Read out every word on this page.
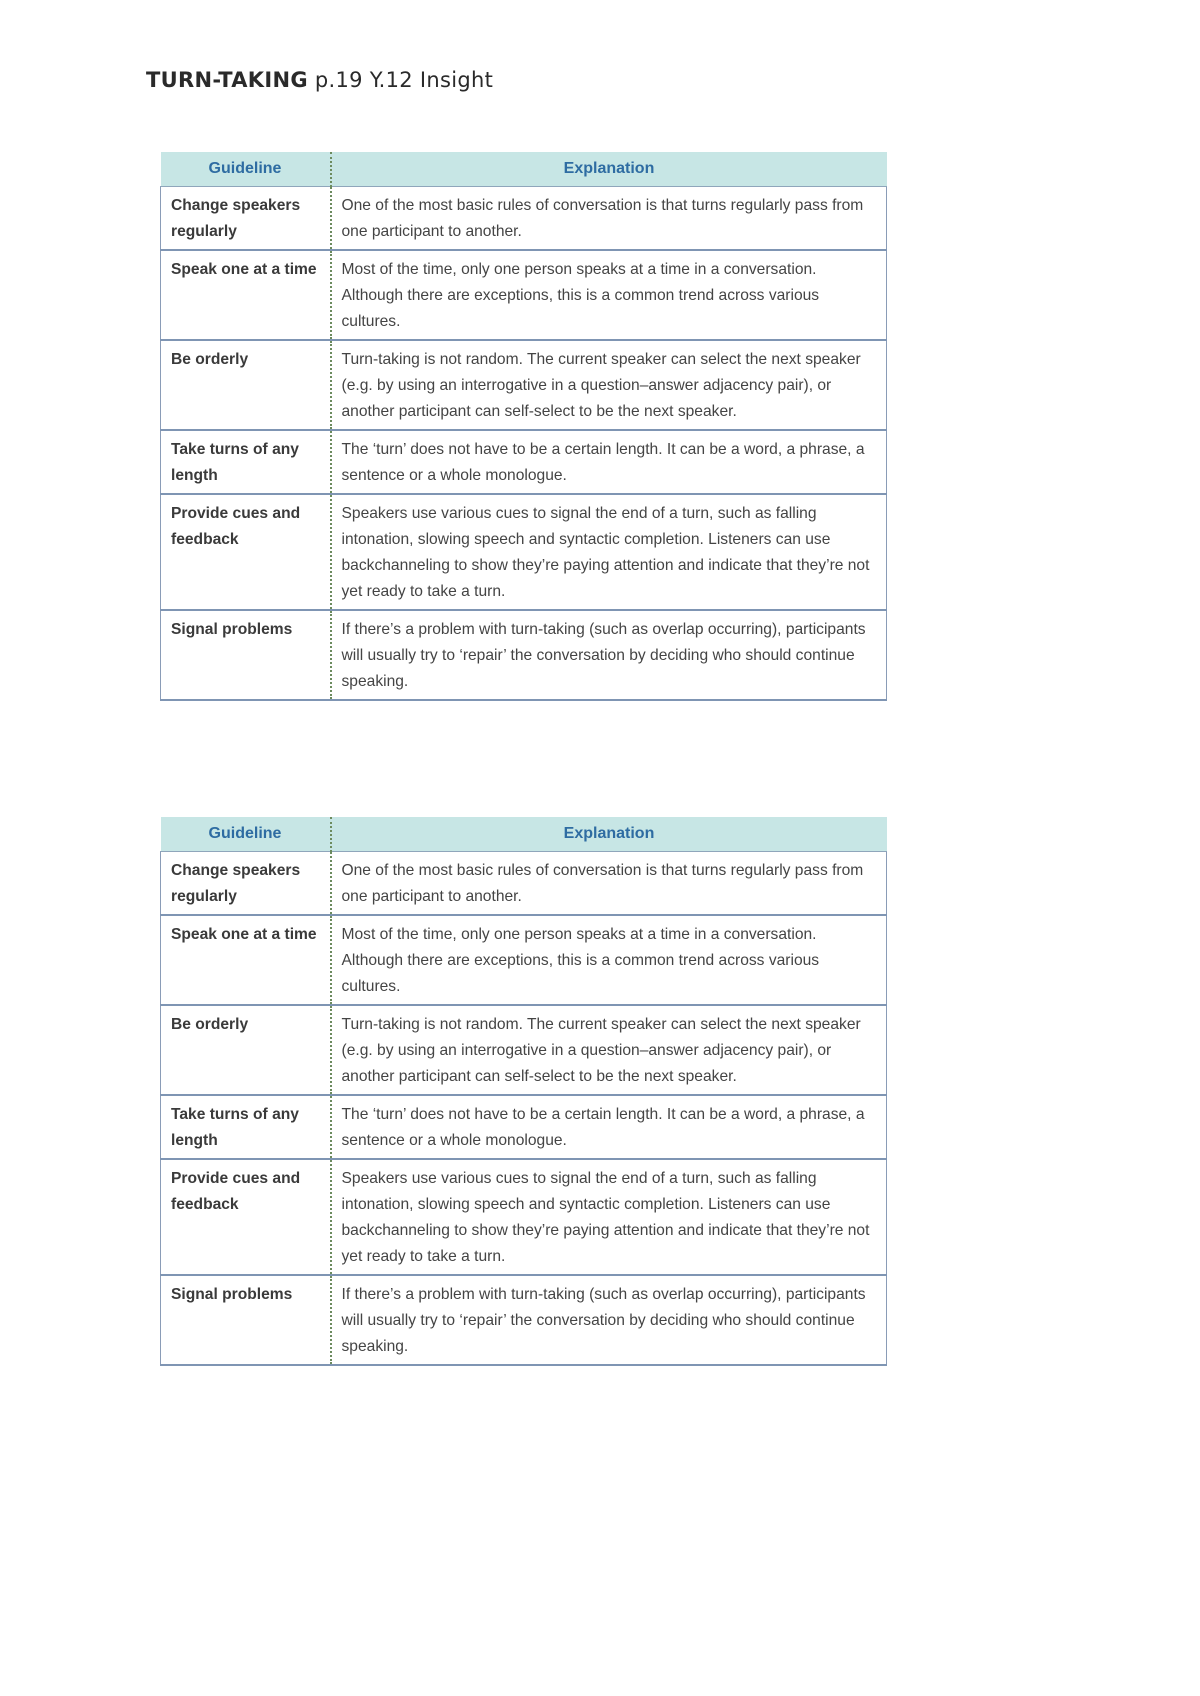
TURN-TAKING p.19 Y.12 Insight
Guideline	Explanation
Change speakers regularly	One of the most basic rules of conversation is that turns regularly pass from one participant to another.
Speak one at a time	Most of the time, only one person speaks at a time in a conversation. Although there are exceptions, this is a common trend across various cultures.
Be orderly	Turn-taking is not random. The current speaker can select the next speaker (e.g. by using an interrogative in a question–answer adjacency pair), or another participant can self-select to be the next speaker.
Take turns of any length	The ‘turn’ does not have to be a certain length. It can be a word, a phrase, a sentence or a whole monologue.
Provide cues and feedback	Speakers use various cues to signal the end of a turn, such as falling intonation, slowing speech and syntactic completion. Listeners can use backchanneling to show they’re paying attention and indicate that they’re not yet ready to take a turn.
Signal problems	If there’s a problem with turn-taking (such as overlap occurring), participants will usually try to ‘repair’ the conversation by deciding who should continue speaking.
Guideline	Explanation
Change speakers regularly	One of the most basic rules of conversation is that turns regularly pass from one participant to another.
Speak one at a time	Most of the time, only one person speaks at a time in a conversation. Although there are exceptions, this is a common trend across various cultures.
Be orderly	Turn-taking is not random. The current speaker can select the next speaker (e.g. by using an interrogative in a question–answer adjacency pair), or another participant can self-select to be the next speaker.
Take turns of any length	The ‘turn’ does not have to be a certain length. It can be a word, a phrase, a sentence or a whole monologue.
Provide cues and feedback	Speakers use various cues to signal the end of a turn, such as falling intonation, slowing speech and syntactic completion. Listeners can use backchanneling to show they’re paying attention and indicate that they’re not yet ready to take a turn.
Signal problems	If there’s a problem with turn-taking (such as overlap occurring), participants will usually try to ‘repair’ the conversation by deciding who should continue speaking.
